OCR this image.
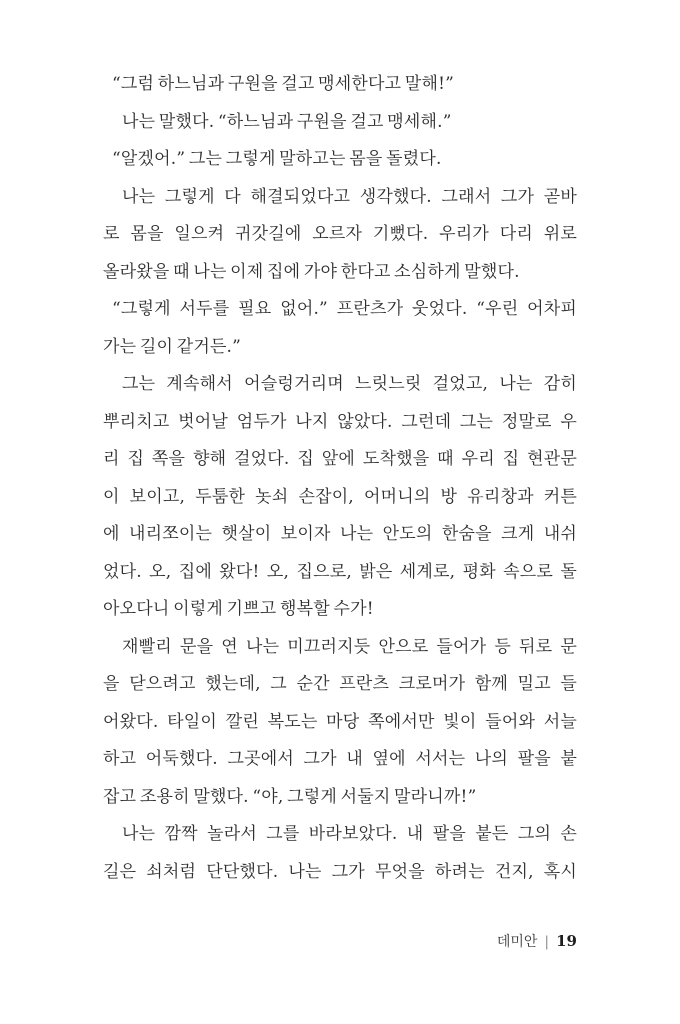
“그럼 하느님과 구원을 걸고 맹세한다고 말해!”
나는 말했다. “하느님과 구원을 걸고 맹세해.”
“알겠어.” 그는 그렇게 말하고는 몸을 돌렸다.
나는 그렇게 다 해결되었다고 생각했다. 그래서 그가 곧바
로 몸을 일으켜 귀갓길에 오르자 기뻤다. 우리가 다리 위로
올라왔을 때 나는 이제 집에 가야 한다고 소심하게 말했다.
“그렇게 서두를 필요 없어.” 프란츠가 웃었다. “우린 어차피
가는 길이 같거든.”
그는 계속해서 어슬렁거리며 느릿느릿 걸었고, 나는 감히
뿌리치고 벗어날 엄두가 나지 않았다. 그런데 그는 정말로 우
리 집 쪽을 향해 걸었다. 집 앞에 도착했을 때 우리 집 현관문
이 보이고, 두툼한 놋쇠 손잡이, 어머니의 방 유리창과 커튼
에 내리쪼이는 햇살이 보이자 나는 안도의 한숨을 크게 내쉬
었다. 오, 집에 왔다! 오, 집으로, 밝은 세계로, 평화 속으로 돌
아오다니 이렇게 기쁘고 행복할 수가!
재빨리 문을 연 나는 미끄러지듯 안으로 들어가 등 뒤로 문
을 닫으려고 했는데, 그 순간 프란츠 크로머가 함께 밀고 들
어왔다. 타일이 깔린 복도는 마당 쪽에서만 빛이 들어와 서늘
하고 어둑했다. 그곳에서 그가 내 옆에 서서는 나의 팔을 붙
잡고 조용히 말했다. “야, 그렇게 서둘지 말라니까!”
나는 깜짝 놀라서 그를 바라보았다. 내 팔을 붙든 그의 손
길은 쇠처럼 단단했다. 나는 그가 무엇을 하려는 건지, 혹시
데미안 | 19
